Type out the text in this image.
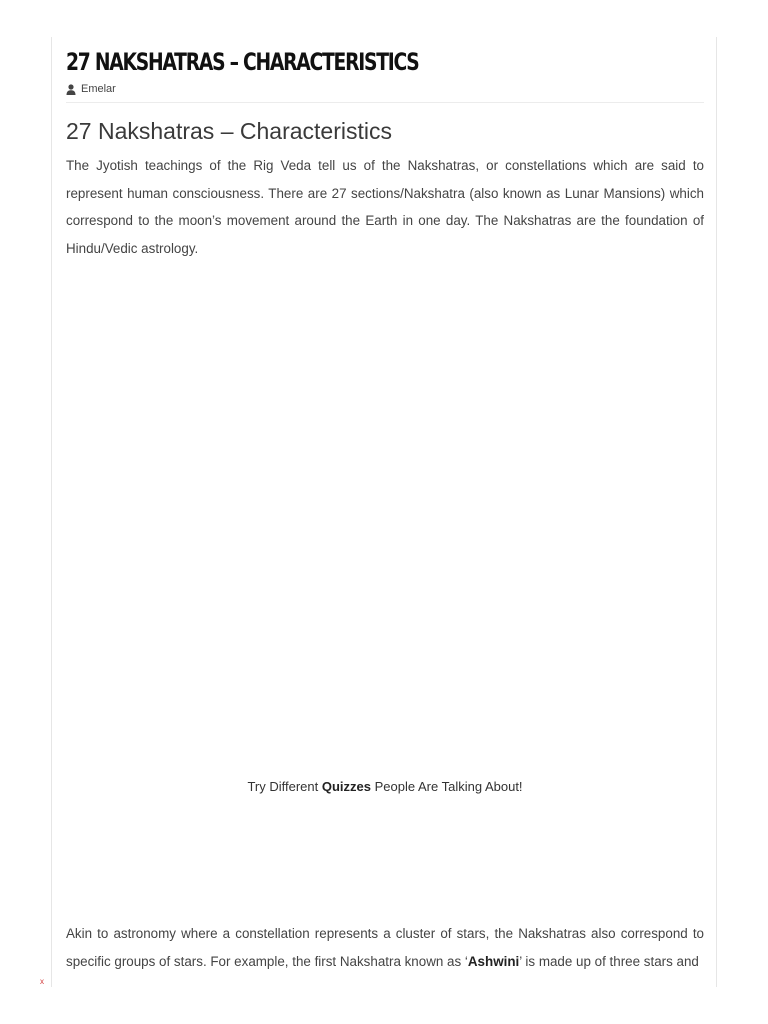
27 NAKSHATRAS – CHARACTERISTICS
Emelar
27 Nakshatras – Characteristics

The Jyotish teachings of the Rig Veda tell us of the Nakshatras, or constellations which are said to represent human consciousness. There are 27 sections/Nakshatra (also known as Lunar Mansions) which correspond to the moon’s movement around the Earth in one day. The Nakshatras are the foundation of Hindu/Vedic astrology.

Try Different Quizzes People Are Talking About!

Akin to astronomy where a constellation represents a cluster of stars, the Nakshatras also correspond to specific groups of stars. For example, the first Nakshatra known as ‘Ashwini’ is made up of three stars and

x
